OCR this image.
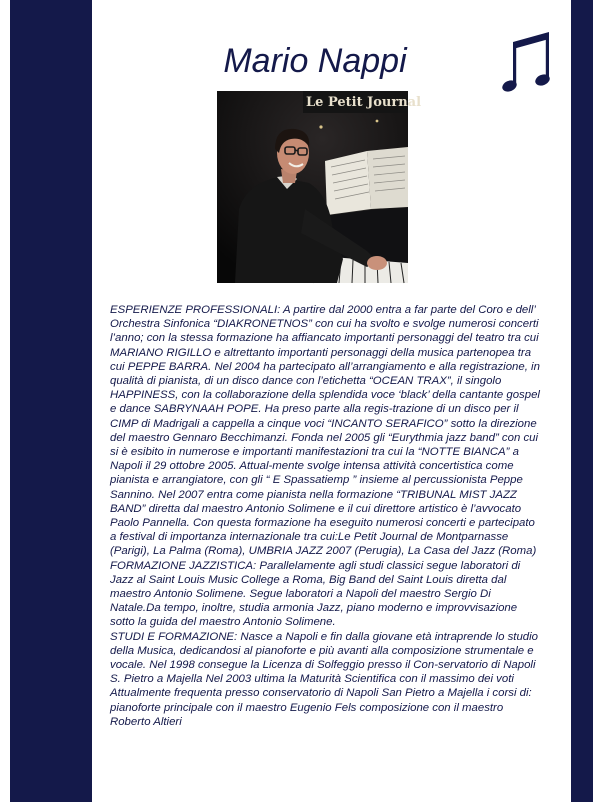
Mario Nappi
Le Petit Journal

ESPERIENZE PROFESSIONALI: A partire dal 2000 entra a far parte del Coro e dell’ Orchestra Sinfonica “DIAKRONETNOS” con cui ha svolto e svolge numerosi concerti l’anno; con la stessa formazione ha affiancato importanti personaggi del teatro tra cui MARIANO RIGILLO e altrettanto importanti personaggi della musica partenopea tra cui PEPPE BARRA. Nel 2004 ha partecipato all’arrangiamento e alla registrazione, in qualità di pianista, di un disco dance con l’etichetta “OCEAN TRAX”, il singolo HAPPINESS, con la collaborazione della splendida voce ‘black’ della cantante gospel e dance SABRYNAAH POPE. Ha preso parte alla regis-trazione di un disco per il CIMP di Madrigali a cappella a cinque voci “INCANTO SERAFICO” sotto la direzione del maestro Gennaro Becchimanzi. Fonda nel 2005 gli “Eurythmia jazz band” con cui si è esibito in numerose e importanti manifestazioni tra cui la “NOTTE BIANCA” a Napoli il 29 ottobre 2005. Attual-mente svolge intensa attività concertistica come pianista e arrangiatore, con gli “ E Spassatiemp ” insieme al percussionista Peppe Sannino. Nel 2007 entra come pianista nella formazione “TRIBUNAL MIST JAZZ BAND” diretta dal maestro Antonio Solimene e il cui direttore artistico è l’avvocato Paolo Pannella. Con questa formazione ha eseguito numerosi concerti e partecipato a festival di importanza internazionale tra cui:Le Petit Journal de Montparnasse (Parigi), La Palma (Roma), UMBRIA JAZZ 2007 (Perugia), La Casa del Jazz (Roma)

FORMAZIONE JAZZISTICA: Parallelamente agli studi classici segue laboratori di Jazz al Saint Louis Music College a Roma, Big Band del Saint Louis diretta dal maestro Antonio Solimene. Segue laboratori a Napoli del maestro Sergio Di Natale.Da tempo, inoltre, studia armonia Jazz, piano moderno e improvvisazione sotto la guida del maestro Antonio Solimene.

STUDI E FORMAZIONE: Nasce a Napoli e fin dalla giovane età intraprende lo studio della Musica, dedicandosi al pianoforte e più avanti alla composizione strumentale e vocale. Nel 1998 consegue la Licenza di Solfeggio presso il Con-servatorio di Napoli S. Pietro a Majella Nel 2003 ultima la Maturità Scientifica con il massimo dei voti Attualmente frequenta presso conservatorio di Napoli San Pietro a Majella i corsi di: pianoforte principale con il maestro Eugenio Fels composizione con il maestro Roberto Altieri
